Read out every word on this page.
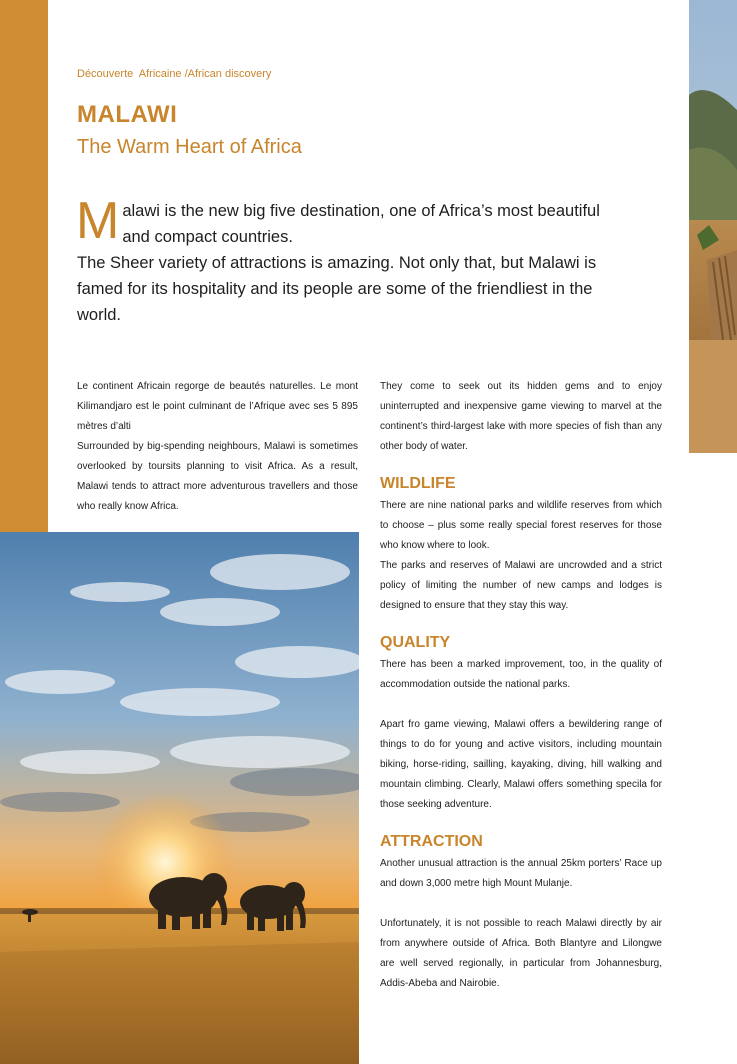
Découverte  Africaine /African discovery
MALAWI
The Warm Heart of Africa
Malawi is the new big five destination, one of Africa’s most beautiful and compact countries.
The Sheer variety of attractions is amazing. Not only that, but Malawi is famed for its hospitality and its people are some of the friendliest in the world.

Le continent Africain regorge de beautés naturelles. Le mont Kilimandjaro est le point culminant de l’Afrique avec ses 5 895 mètres d’alti

Surrounded by big-spending neighbours, Malawi is sometimes overlooked by toursits planning to visit Africa. As a result, Malawi tends to attract more adventurous travellers and those who really know Africa.

They come to seek out its hidden gems and to enjoy uninterrupted and inexpensive game viewing to marvel at the continent’s third-largest lake with more species of fish than any other body of water.

WILDLIFE

There are nine national parks and wildlife reserves from which to choose – plus some really special forest reserves for those who know where to look.

The parks and reserves of Malawi are uncrowded and a strict policy of limiting the number of new camps and lodges is designed to ensure that they stay this way.

QUALITY

There has been a marked improvement, too, in the quality of accommodation outside the national parks.

Apart fro game viewing, Malawi offers a bewildering range of things to do for young and active visitors, including mountain biking, horse-riding, sailling, kayaking, diving, hill walking and mountain climbing. Clearly, Malawi offers something specila for those seeking adventure.

ATTRACTION

Another unusual attraction is the annual 25km porters’ Race up and down 3,000 metre high Mount Mulanje.

Unfortunately, it is not possible to reach Malawi directly by air from anywhere outside of Africa. Both Blantyre and Lilongwe are well served regionally, in particular from Johannesburg, Addis-Abeba and Nairobie.
